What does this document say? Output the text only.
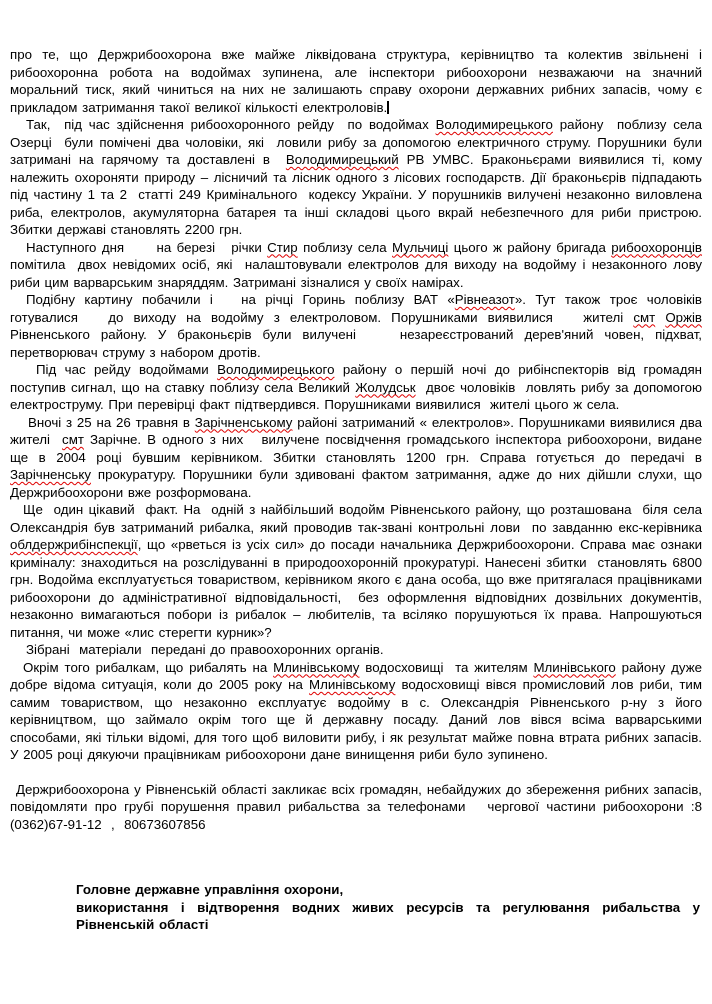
про те, що Держрибоохорона вже майже ліквідована структура, керівництво та колектив звільнені і рибоохоронна робота на водоймах зупинена, але інспектори рибоохорони незважаючи на значний моральний тиск, який чиниться на них не залишають справу охорони державних рибних запасів, чому є прикладом затримання такої великої кількості електроловів.

Так,  під час здійснення рибоохоронного рейду  по водоймах Володимирецького району  поблизу села Озерці  були помічені два чоловіки, які  ловили рибу за допомогою електричного струму. Порушники були затримані на гарячому та доставлені в  Володимирецький РВ УМВС. Браконьєрами виявилися ті, кому належить охороняти природу – лісничий та лісник одного з лісових господарств. Дії браконьєрів підпадають під частину 1 та 2  статті 249 Кримінального  кодексу України. У порушників вилучені незаконно виловлена риба, електролов, акумуляторна батарея та інші складові цього вкрай небезпечного для риби пристрою. Збитки державі становлять 2200 грн.

Наступного дня      на березі   річки Стир поблизу села Мульчиці цього ж району бригада рибоохоронців помітила  двох невідомих осіб, які  налаштовували електролов для виходу на водойму і незаконного лову риби цим варварським знаряддям. Затримані зізналися у своїх намірах.

Подібну картину побачили і   на річці Горинь поблизу ВАТ «Рівнеазот». Тут також троє чоловіків готувалися   до виходу на водойму з електроловом. Порушниками виявилися   жителі смт Оржів Рівненського району. У браконьєрів були вилучені    незареєстрований дерев'яний човен, підхват, перетворювач струму з набором дротів.

Під час рейду водоймами Володимирецького району о першій ночі до рибінспекторів від громадян поступив сигнал, що на ставку поблизу села Великий Жолудськ  двоє чоловіків  ловлять рибу за допомогою електроструму. При перевірці факт підтвердився. Порушниками виявилися  жителі цього ж села.

Вночі з 25 на 26 травня в Зарічненському районі затриманий « електролов». Порушниками виявилися два жителі  смт Зарічне. В одного з них   вилучене посвідчення громадського інспектора рибоохорони, видане ще в 2004 році бувшим керівником. Збитки становлять 1200 грн. Справа готується до передачі в Зарічненську прокуратуру. Порушники були здивовані фактом затримання, адже до них дійшли слухи, що  Держрибоохорони вже розформована.

Ще  один цікавий  факт. На  одній з найбільший водойм Рівненського району, що розташована  біля села Олександрія був затриманий рибалка, який проводив так-звані контрольні лови  по завданню екс-керівника облдержрибінспекції, що «рветься із усіх сил» до посади начальника Держрибоохорони. Справа має ознаки криміналу: знаходиться на розслідуванні в природоохоронній прокуратурі. Нанесені збитки  становлять 6800 грн. Водойма експлуатується товариством, керівником якого є дана особа, що вже притягалася працівниками рибоохорони до адміністративної відповідальності,  без оформлення відповідних дозвільних документів, незаконно вимагаються побори із рибалок – любителів, та всіляко порушуються їх права. Напрошуються питання, чи може «лис стерегти курник»?

Зібрані  матеріали  передані до правоохоронних органів.

Окрім того рибалкам, що рибалять на Млинівському водосховищі  та жителям Млинівського району дуже добре відома ситуація, коли до 2005 року на Млинівському водосховищі вівся промисловий лов риби, тим самим товариством, що незаконно експлуатує водойму в с. Олександрія Рівненського р-ну з його керівництвом, що займало окрім того ще й державну посаду. Даний лов вівся всіма варварськими способами, які тільки відомі, для того щоб виловити рибу, і як результат майже повна втрата рибних запасів. У 2005 році дякуючи працівникам рибоохорони дане винищення риби було зупинено.

Держрибоохорона у Рівненській області закликає всіх громадян, небайдужих до збереження рибних запасів, повідомляти про грубі порушення правил рибальства за телефонами   чергової частини рибоохорони :8 (0362)67-91-12  ,  80673607856

Головне державне управління охорони,

використання і відтворення водних живих ресурсів та регулювання рибальства у Рівненській області
